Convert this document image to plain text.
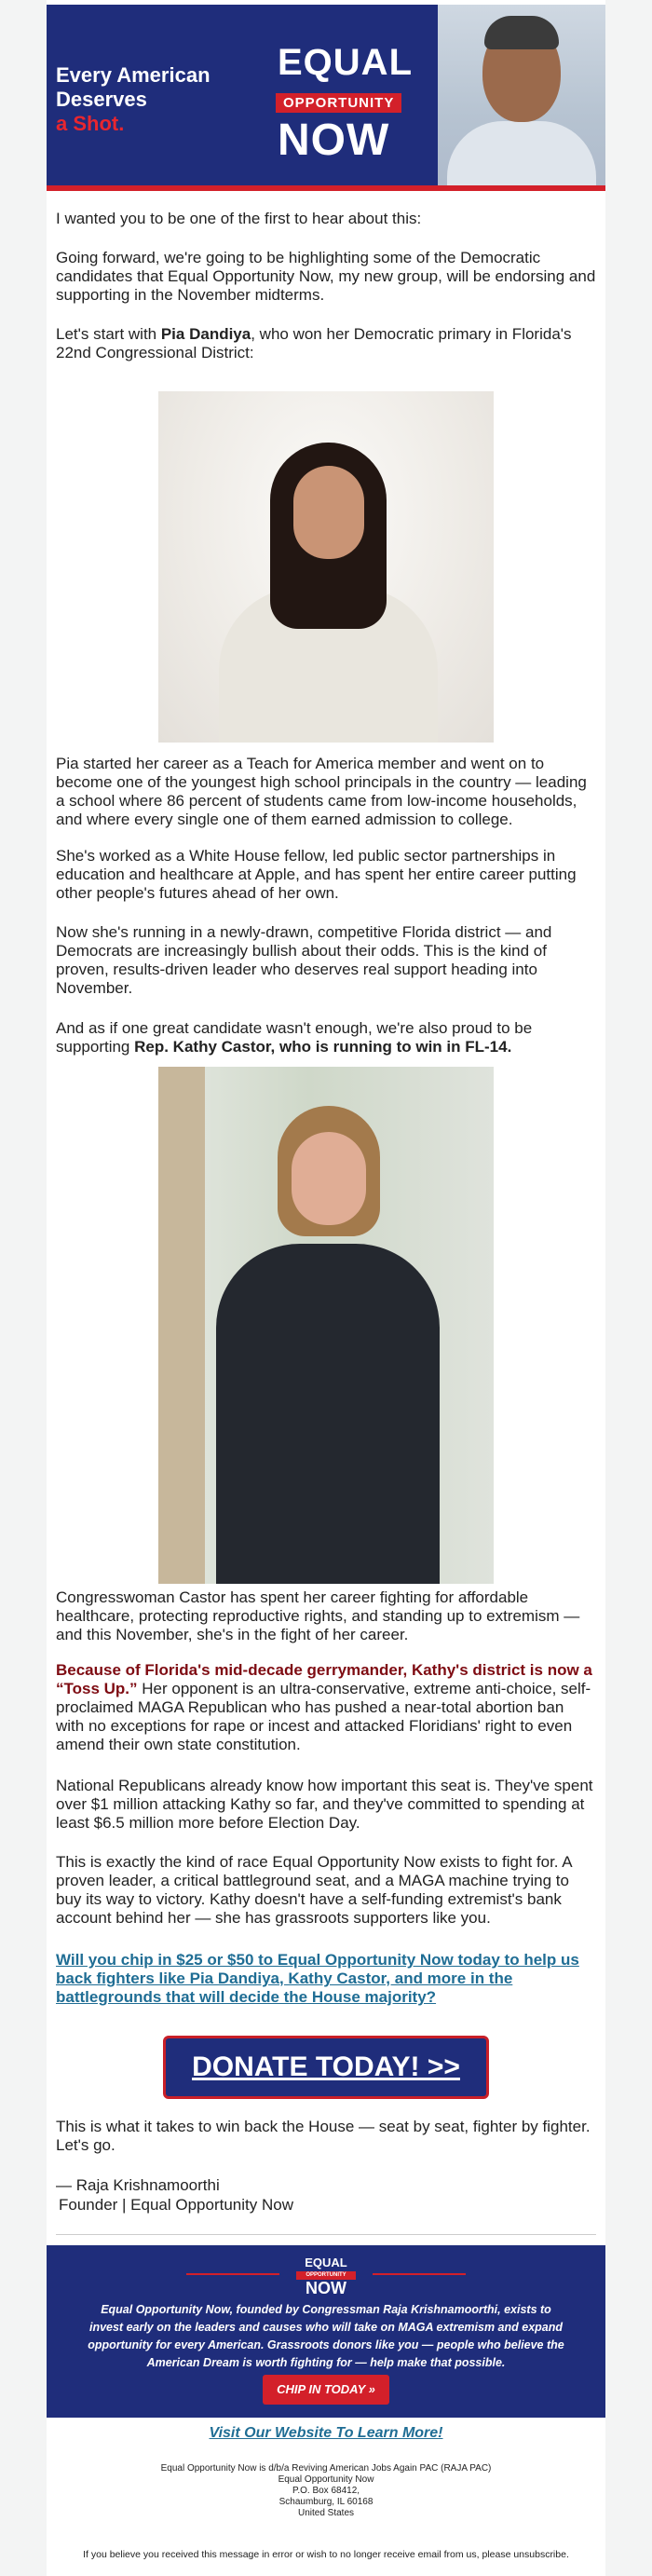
Every American
Deserves
a Shot.
EQUAL
OPPORTUNITY
NOW

I wanted you to be one of the first to hear about this:

Going forward, we're going to be highlighting some of the Democratic candidates that Equal Opportunity Now, my new group, will be endorsing and supporting in the November midterms.

Let's start with Pia Dandiya, who won her Democratic primary in Florida's 22nd Congressional District:

Pia started her career as a Teach for America member and went on to become one of the youngest high school principals in the country — leading a school where 86 percent of students came from low-income households, and where every single one of them earned admission to college.

She's worked as a White House fellow, led public sector partnerships in education and healthcare at Apple, and has spent her entire career putting other people's futures ahead of her own.

Now she's running in a newly-drawn, competitive Florida district — and Democrats are increasingly bullish about their odds. This is the kind of proven, results-driven leader who deserves real support heading into November.

And as if one great candidate wasn't enough, we're also proud to be supporting Rep. Kathy Castor, who is running to win in FL-14.

Congresswoman Castor has spent her career fighting for affordable healthcare, protecting reproductive rights, and standing up to extremism — and this November, she's in the fight of her career.

Because of Florida's mid-decade gerrymander, Kathy's district is now a “Toss Up.” Her opponent is an ultra-conservative, extreme anti-choice, self-proclaimed MAGA Republican who has pushed a near-total abortion ban with no exceptions for rape or incest and attacked Floridians' right to even amend their own state constitution.

National Republicans already know how important this seat is. They've spent over $1 million attacking Kathy so far, and they've committed to spending at least $6.5 million more before Election Day.

This is exactly the kind of race Equal Opportunity Now exists to fight for. A proven leader, a critical battleground seat, and a MAGA machine trying to buy its way to victory. Kathy doesn't have a self-funding extremist's bank account behind her — she has grassroots supporters like you.

Will you chip in $25 or $50 to Equal Opportunity Now today to help us back fighters like Pia Dandiya, Kathy Castor, and more in the battlegrounds that will decide the House majority?

DONATE TODAY! >>

This is what it takes to win back the House — seat by seat, fighter by fighter. Let's go.

— Raja Krishnamoorthi

Founder | Equal Opportunity Now

EQUAL
OPPORTUNITY
NOW
Equal Opportunity Now, founded by Congressman Raja Krishnamoorthi, exists to invest early on the leaders and causes who will take on MAGA extremism and expand opportunity for every American. Grassroots donors like you — people who believe the American Dream is worth fighting for — help make that possible.
CHIP IN TODAY »
Visit Our Website To Learn More!
Equal Opportunity Now is d/b/a Reviving American Jobs Again PAC (RAJA PAC)
Equal Opportunity Now
P.O. Box 68412,
Schaumburg, IL 60168
United States
If you believe you received this message in error or wish to no longer receive email from us, please unsubscribe.
